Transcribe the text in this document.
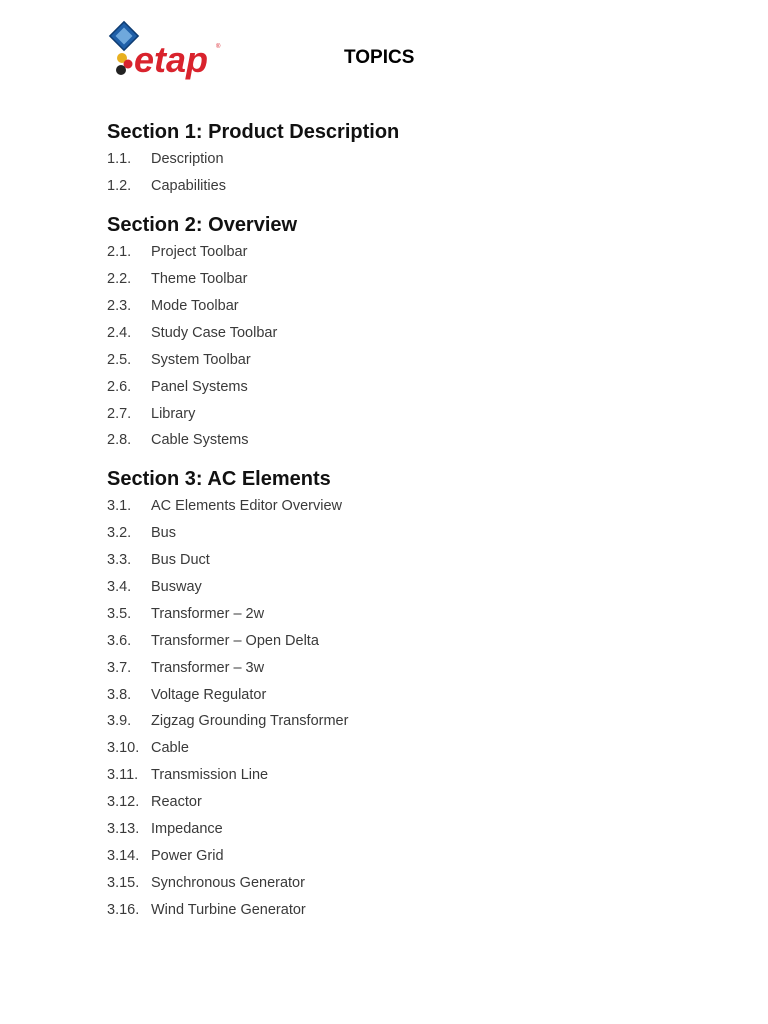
etap ®	TOPICS
Section 1: Product Description
1.1.	Description
1.2.	Capabilities
Section 2: Overview
2.1.	Project Toolbar
2.2.	Theme Toolbar
2.3.	Mode Toolbar
2.4.	Study Case Toolbar
2.5.	System Toolbar
2.6.	Panel Systems
2.7.	Library
2.8.	Cable Systems
Section 3: AC Elements
3.1.	AC Elements Editor Overview
3.2.	Bus
3.3.	Bus Duct
3.4.	Busway
3.5.	Transformer – 2w
3.6.	Transformer – Open Delta
3.7.	Transformer – 3w
3.8.	Voltage Regulator
3.9.	Zigzag Grounding Transformer
3.10. Cable
3.11. Transmission Line
3.12. Reactor
3.13. Impedance
3.14. Power Grid
3.15. Synchronous Generator
3.16. Wind Turbine Generator
